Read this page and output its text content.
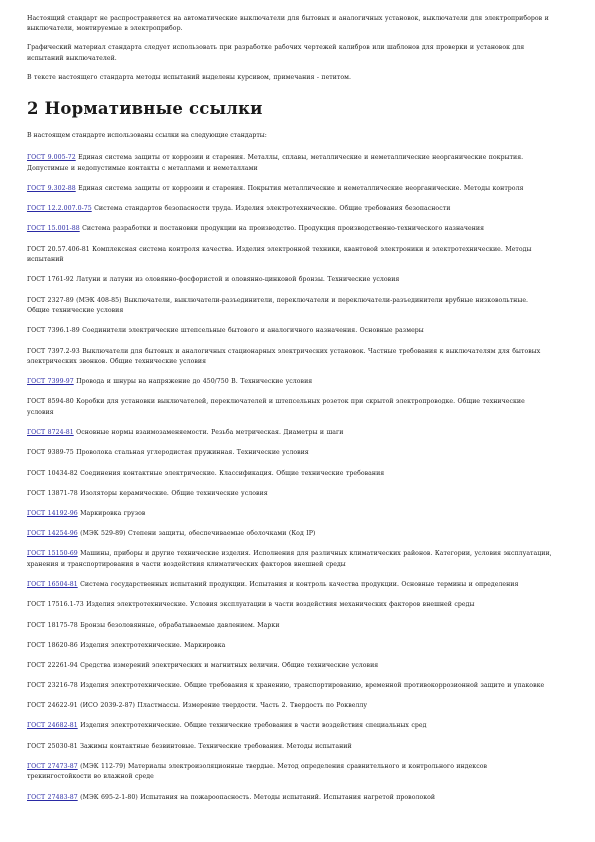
Настоящий стандарт не распространяется на автоматические выключатели для бытовых и аналогичных установок, выключатели для электроприборов и выключатели, монтируемые в электроприбор.

Графический материал стандарта следует использовать при разработке рабочих чертежей калибров или шаблонов для проверки и установок для испытаний выключателей.

В тексте настоящего стандарта методы испытаний выделены курсивом, примечания - петитом.

2 Нормативные ссылки

В настоящем стандарте использованы ссылки на следующие стандарты:

ГОСТ 9.005-72 Единая система защиты от коррозии и старения. Металлы, сплавы, металлические и неметаллические неорганические покрытия. Допустимые и недопустимые контакты с металлами и неметаллами
ГОСТ 9.302-88 Единая система защиты от коррозии и старения. Покрытия металлические и неметаллические неорганические. Методы контроля
ГОСТ 12.2.007.0-75 Система стандартов безопасности труда. Изделия электротехнические. Общие требования безопасности
ГОСТ 15.001-88 Система разработки и постановки продукции на производство. Продукция производственно-технического назначения
ГОСТ 20.57.406-81 Комплексная система контроля качества. Изделия электронной техники, квантовой электроники и электротехнические. Методы испытаний
ГОСТ 1761-92 Латуни и латуни из оловянно-фосфористой и оловянно-цинковой бронзы. Технические условия
ГОСТ 2327-89 (МЭК 408-85) Выключатели, выключатели-разъединители, переключатели и переключатели-разъединители врубные низковольтные. Общие технические условия
ГОСТ 7396.1-89 Соединители электрические штепсельные бытового и аналогичного назначения. Основные размеры
ГОСТ 7397.2-93 Выключатели для бытовых и аналогичных стационарных электрических установок. Частные требования к выключателям для бытовых электрических звонков. Общие технические условия
ГОСТ 7399-97 Провода и шнуры на напряжение до 450/750 В. Технические условия
ГОСТ 8594-80 Коробки для установки выключателей, переключателей и штепсельных розеток при скрытой электропроводке. Общие технические условия
ГОСТ 8724-81 Основные нормы взаимозаменяемости. Резьба метрическая. Диаметры и шаги
ГОСТ 9389-75 Проволока стальная углеродистая пружинная. Технические условия
ГОСТ 10434-82 Соединения контактные электрические. Классификация. Общие технические требования
ГОСТ 13871-78 Изоляторы керамические. Общие технические условия
ГОСТ 14192-96 Маркировка грузов
ГОСТ 14254-96 (МЭК 529-89) Степени защиты, обеспечиваемые оболочками (Код IP)
ГОСТ 15150-69 Машины, приборы и другие технические изделия. Исполнения для различных климатических районов. Категории, условия эксплуатации, хранения и транспортирования в части воздействия климатических факторов внешней среды
ГОСТ 16504-81 Система государственных испытаний продукции. Испытания и контроль качества продукции. Основные термины и определения
ГОСТ 17516.1-73 Изделия электротехнические. Условия эксплуатации в части воздействия механических факторов внешней среды
ГОСТ 18175-78 Бронзы безоловянные, обрабатываемые давлением. Марки
ГОСТ 18620-86 Изделия электротехнические. Маркировка
ГОСТ 22261-94 Средства измерений электрических и магнитных величин. Общие технические условия
ГОСТ 23216-78 Изделия электротехнические. Общие требования к хранению, транспортированию, временной противокоррозионной защите и упаковке
ГОСТ 24622-91 (ИСО 2039-2-87) Пластмассы. Измерение твердости. Часть 2. Твердость по Роквеллу
ГОСТ 24682-81 Изделия электротехнические. Общие технические требования в части воздействия специальных сред
ГОСТ 25030-81 Зажимы контактные безвинтовые. Технические требования. Методы испытаний
ГОСТ 27473-87 (МЭК 112-79) Материалы электроизоляционные твердые. Метод определения сравнительного и контрольного индексов трекингостойкости во влажной среде
ГОСТ 27483-87 (МЭК 695-2-1-80) Испытания на пожароопасность. Методы испытаний. Испытания нагретой проволокой
